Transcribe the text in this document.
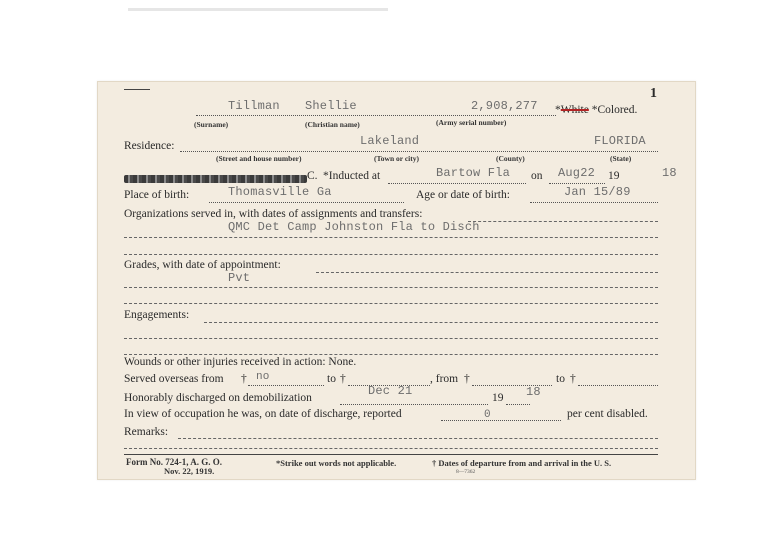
1
Tillman Shellie	2,908,277 *White *Colored.
(Surname)	(Christian name)	(Army serial number)
Residence:	Lakeland	FLORIDA
(Street and house number)	(Town or city)	(County)	(State)
C. *Inducted at	Bartow Fla on Aug22 19	18
Place of birth:	Thomasville Ga	Age or date of birth:	Jan 15/89
Organizations served in, with dates of assignments and transfers:
QMC Det Camp Johnston Fla to Disch
Grades, with date of appointment:
Pvt
Engagements:
Wounds or other injuries received in action: None.
Served overseas from † no	to †	, from †	to †
Honorably discharged on demobilization	Dec 21	19 18
In view of occupation he was, on date of discharge, reported	0	per cent disabled.
Remarks:
Form No. 724-1, A. G. O.
Nov. 22, 1919.
*Strike out words not applicable.	† Dates of departure from and arrival in the U. S.
8—7362
